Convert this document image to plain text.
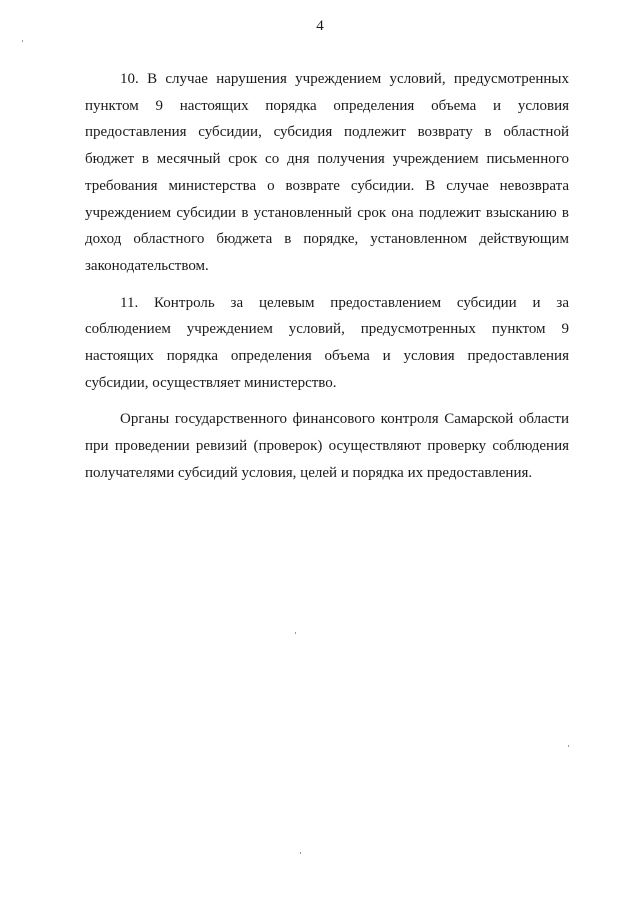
4

10. В случае нарушения учреждением условий, предусмотренных пунктом 9 настоящих порядка определения объема и условия предоставления субсидии, субсидия подлежит возврату в областной бюджет в месячный срок со дня получения учреждением письменного требования министерства о возврате субсидии. В случае невозврата учреждением субсидии в установленный срок она подлежит взысканию в доход областного бюджета в порядке, установленном действующим законодательством.

11. Контроль за целевым предоставлением субсидии и за соблюдением учреждением условий, предусмотренных пунктом 9 настоящих порядка определения объема и условия предоставления субсидии, осуществляет министерство.

Органы государственного финансового контроля Самарской области при проведении ревизий (проверок) осуществляют проверку соблюдения получателями субсидий условия, целей и порядка их предоставления.
